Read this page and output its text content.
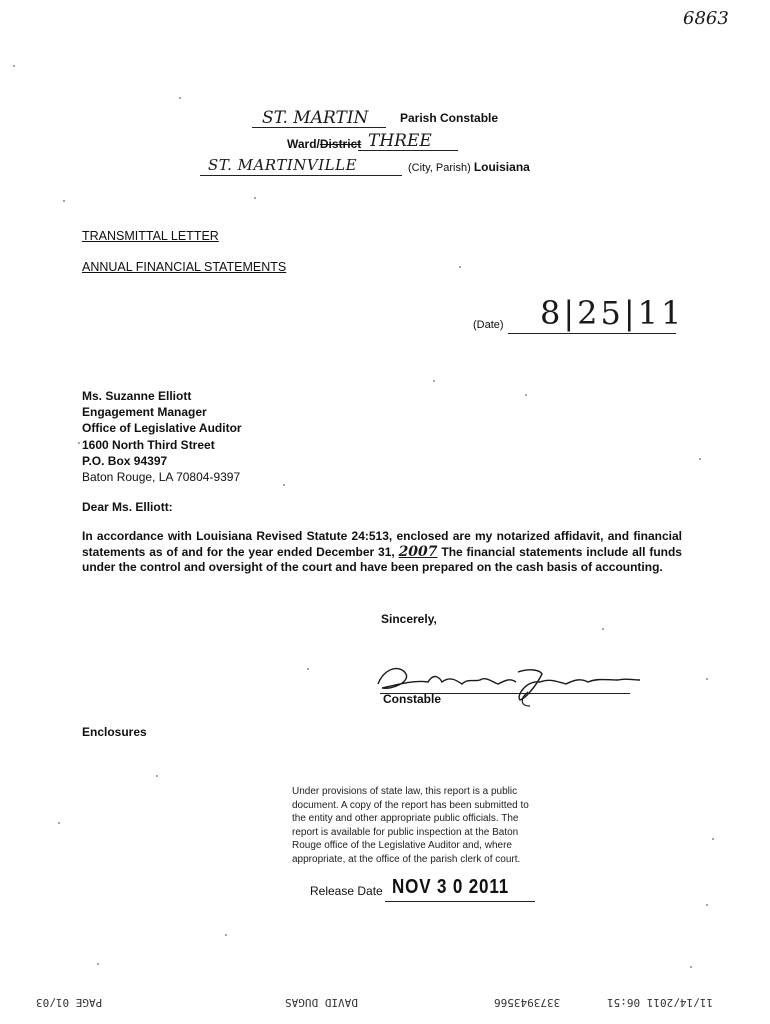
6863
ST. MARTIN	Parish Constable
Ward/District THREE
ST. MARTINVILLE	(City, Parish) Louisiana
TRANSMITTAL LETTER
ANNUAL FINANCIAL STATEMENTS
(Date) 8|25|11
Ms. Suzanne Elliott
Engagement Manager
Office of Legislative Auditor
1600 North Third Street
P.O. Box 94397
Baton Rouge, LA 70804-9397
Dear Ms. Elliott:
In accordance with Louisiana Revised Statute 24:513, enclosed are my notarized affidavit, and financial statements as of and for the year ended December 31, 2007 The financial statements include all funds under the control and oversight of the court and have been prepared on the cash basis of accounting.
Sincerely,
Constable
Enclosures

Under provisions of state law, this report is a public

document. A copy of the report has been submitted to

the entity and other appropriate public officials. The

report is available for public inspection at the Baton

Rouge office of the Legislative Auditor and, where

appropriate, at the office of the parish clerk of court.

Release Date NOV 3 0 2011
PAGE 01/03	DAVID DUGAS	3373943566	11/14/2011 06:51
